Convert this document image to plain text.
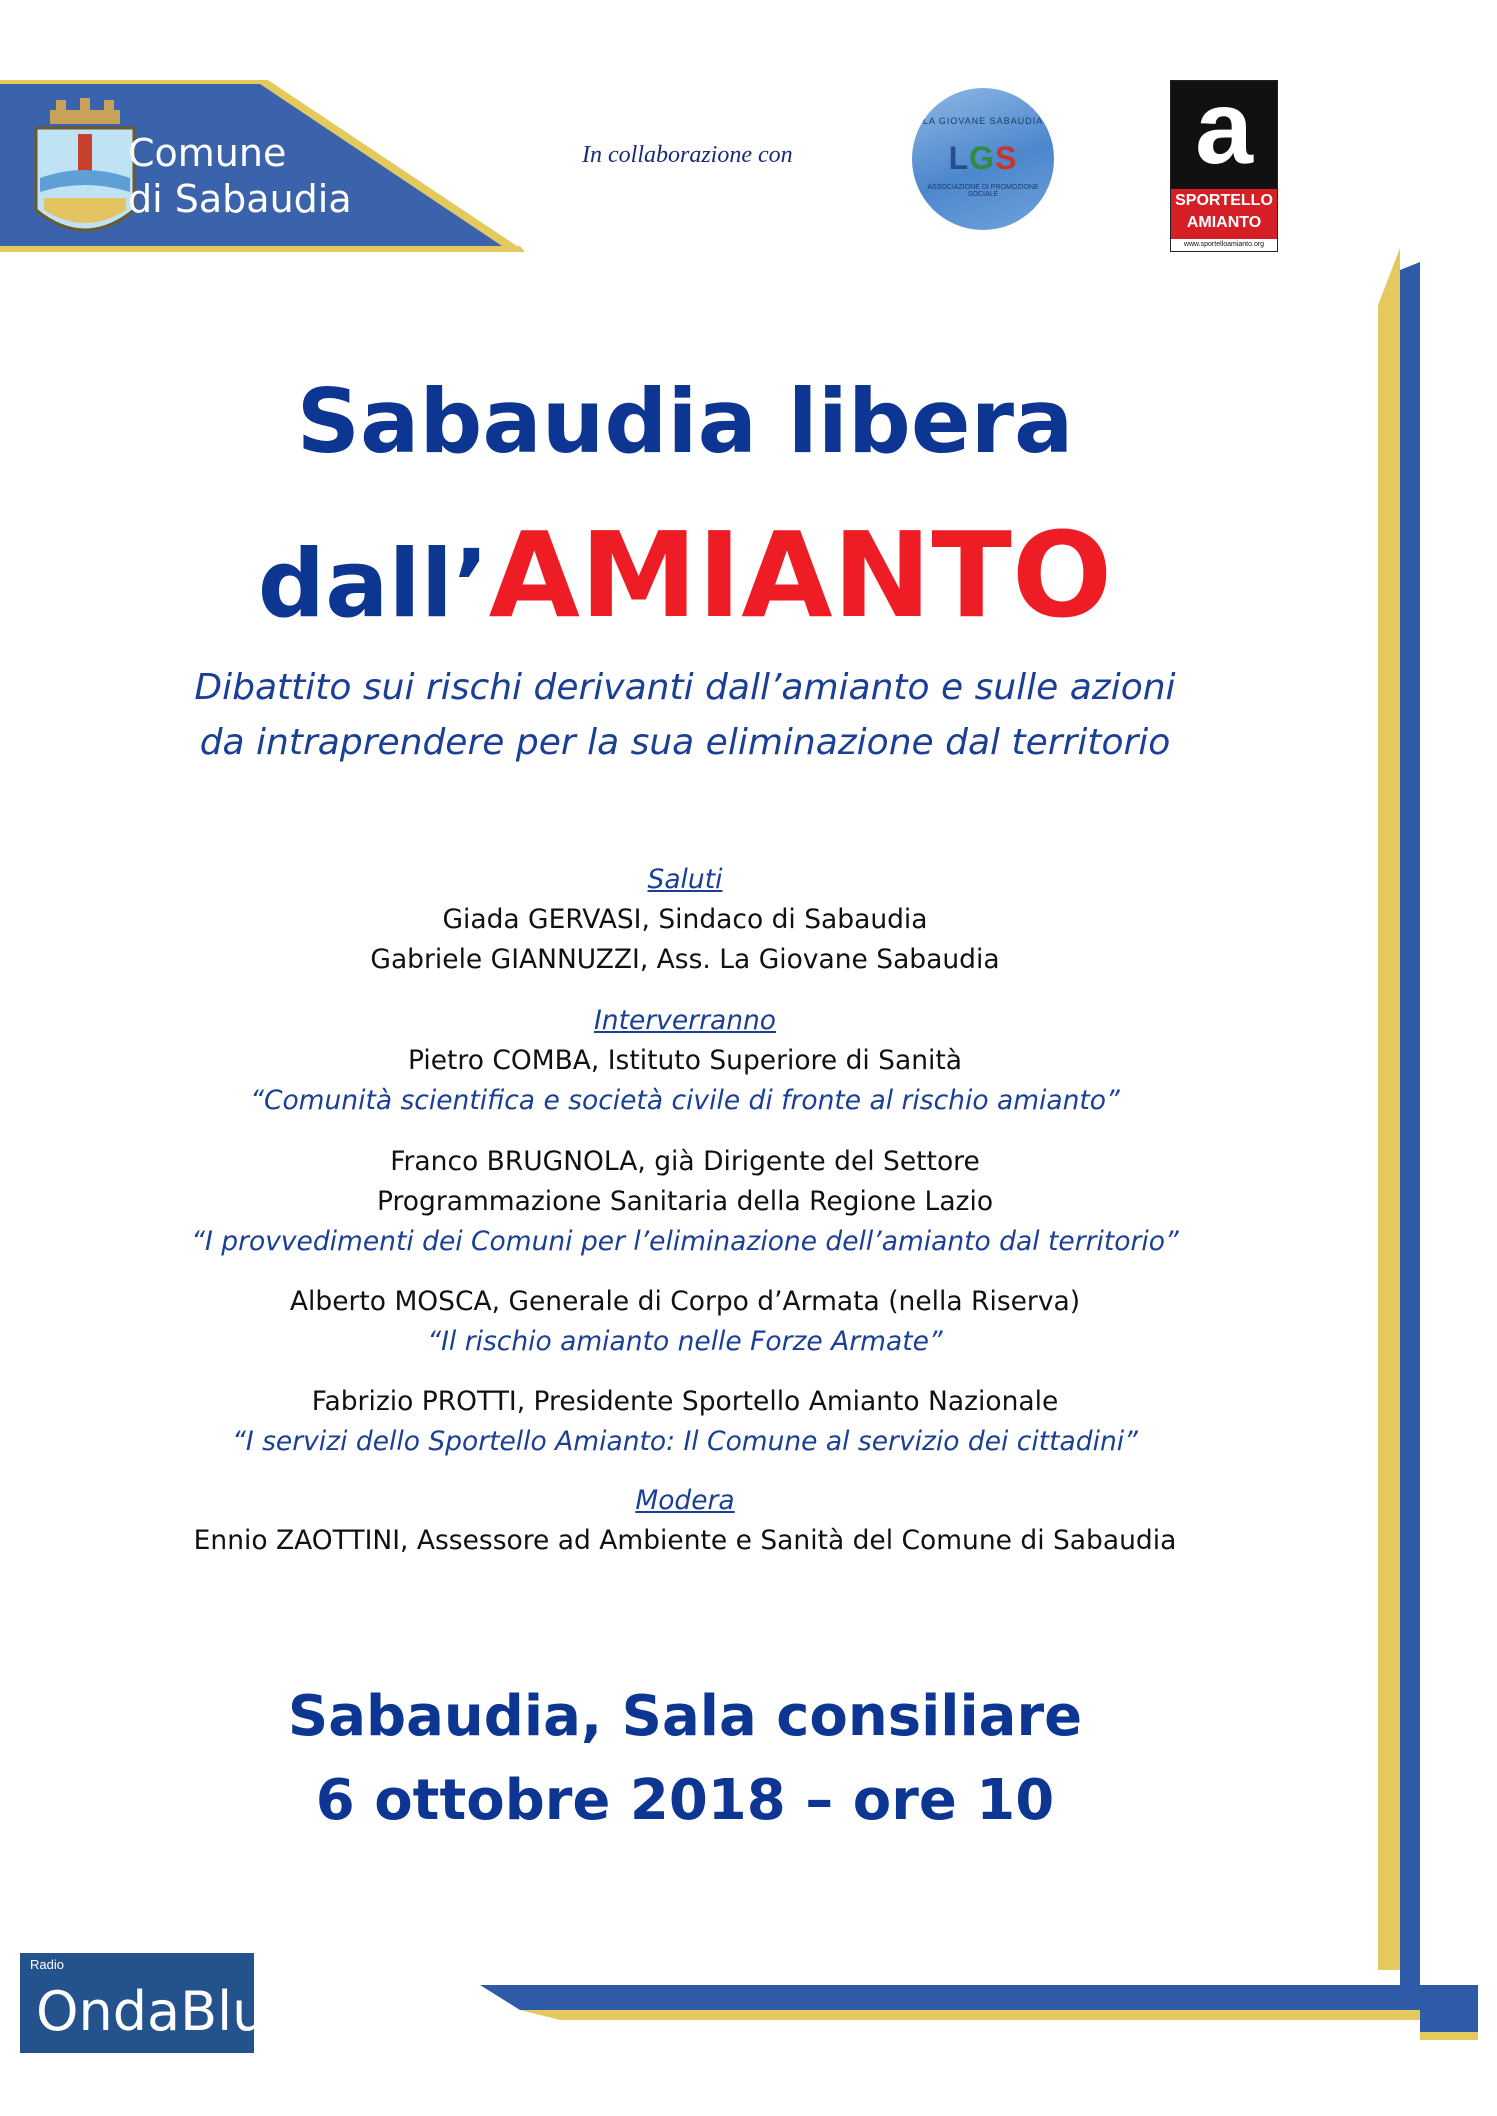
Comune
di Sabaudia
In collaborazione con
LA GIOVANE SABAUDIA
LGS
ASSOCIAZIONE DI PROMOZIONE SOCIALE
a
SPORTELLO
AMIANTO
www.sportelloamianto.org
Sabaudia libera
dall’AMIANTO
Dibattito sui rischi derivanti dall’amianto e sulle azioni
da intraprendere per la sua eliminazione dal territorio
Saluti
Giada GERVASI, Sindaco di Sabaudia
Gabriele GIANNUZZI, Ass. La Giovane Sabaudia
Interverranno
Pietro COMBA, Istituto Superiore di Sanità
“Comunità scientifica e società civile di fronte al rischio amianto”
Franco BRUGNOLA, già Dirigente del Settore
Programmazione Sanitaria della Regione Lazio
“I provvedimenti dei Comuni per l’eliminazione dell’amianto dal territorio”
Alberto MOSCA, Generale di Corpo d’Armata (nella Riserva)
“Il rischio amianto nelle Forze Armate”
Fabrizio PROTTI, Presidente Sportello Amianto Nazionale
“I servizi dello Sportello Amianto: Il Comune al servizio dei cittadini”
Modera
Ennio ZAOTTINI, Assessore ad Ambiente e Sanità del Comune di Sabaudia
Sabaudia, Sala consiliare
6 ottobre 2018 – ore 10
Radio
OndaBlu
